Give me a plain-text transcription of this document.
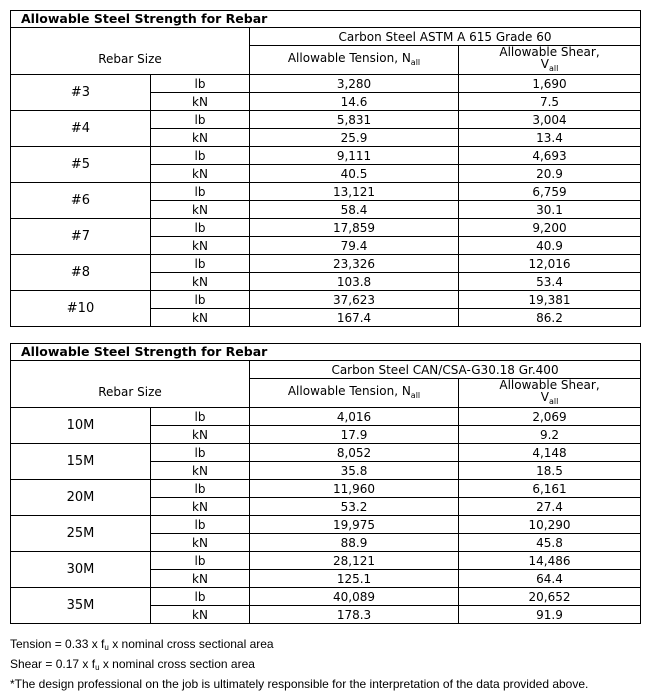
Allowable Steel Strength for Rebar			
		Carbon Steel ASTM A 615 Grade 60	
Rebar Size		Allowable Tension, $N_{all}$	Allowable Shear,
$V_{all}$

#3	lb	3,280	1,690
	kN	14.6	7.5
#4	lb	5,831	3,004
	kN	25.9	13.4
#5	lb	9,111	4,693
	kN	40.5	20.9
#6	lb	13,121	6,759
	kN	58.4	30.1
#7	lb	17,859	9,200
	kN	79.4	40.9
#8	lb	23,326	12,016
	kN	103.8	53.4
#10	lb	37,623	19,381
	kN	167.4	86.2
Allowable Steel Strength for Rebar			
		Carbon Steel CAN/CSA-G30.18 Gr.400	
Rebar Size		Allowable Tension, $N_{all}$	Allowable Shear,
$V_{all}$

10M	lb	4,016	2,069
	kN	17.9	9.2
15M	lb	8,052	4,148
	kN	35.8	18.5
20M	lb	11,960	6,161
	kN	53.2	27.4
25M	lb	19,975	10,290
	kN	88.9	45.8
30M	lb	28,121	14,486
	kN	125.1	64.4
35M	lb	40,089	20,652
	kN	178.3	91.9
Tension = 0.33 x $f_u$ x nominal cross sectional area
Shear = 0.17 x $f_u$ x nominal cross section area
*The design professional on the job is ultimately responsible for the interpretation of the data provided above.
